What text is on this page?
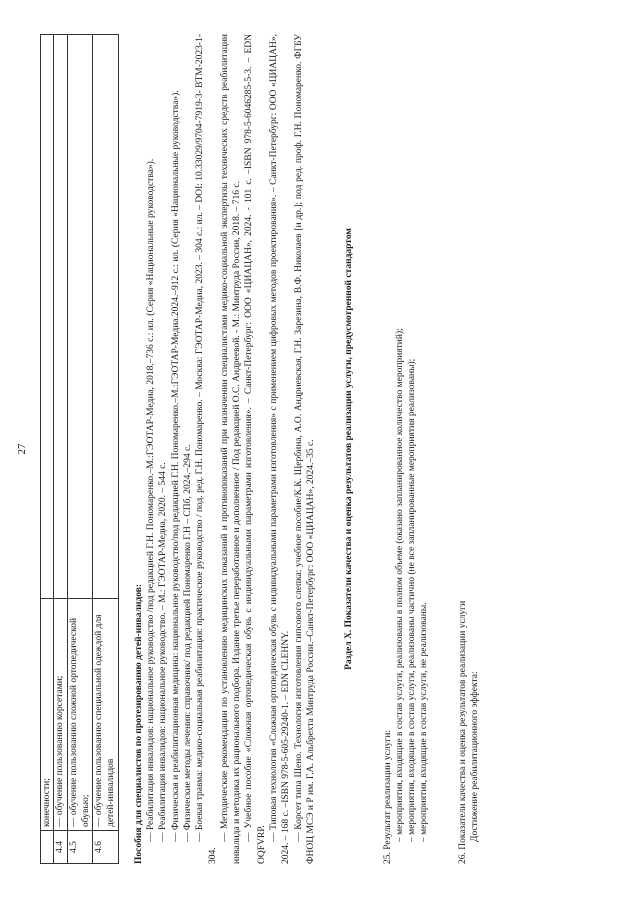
27
	конечности;	
4.4	— обучение пользованию корсетами;	
4.5	— обучение пользованию сложной ортопедической обувью;	
4.6	— обучение пользованию специальной одеждой для детей-инвалидов	Пособия для специалистов по протезированию детей-инвалидов: — Реабилитация инвалидов: национальное руководство /под редакцией Г.Н. Пономаренко.–М.:ГЭОТАР-Медиа, 2018.–736 с.: ил. (Серия «Национальные руководства»). — Реабилитация инвалидов: национальное руководство. – М.: ГЭОТАР-Медиа, 2020. – 544 с. — Физическая и реабилитационная медицина: национальное руководство/под редакцией Г.Н. Пономаренко.–М.:ГЭОТАР-Медиа.2024.–912 с.: ил. (Серия «Национальные руководства»). — Физические методы лечения: справочник/ под редакцией Пономаренко Г.Н – СПб, 2024.–294 с. — Боевая травма: медико-социальная реабилитация: практическое руководство / под. ред. Г.Н. Пономаренко. – Москва: ГЭОТАР-Медиа, 2023. – 304 с.: ил. – DOI: 10.33029/9704-7919-3- BTM-2023-1-304.
— Методические рекомендации по установлению медицинских показаний и противопоказаний при назначении специалистами медико-социальной экспертизы технических средств реабилитации инвалида и методика их рационального подбора. Издание третье переработанное и дополненное / Под редакцией О.С. Андреевой. - М.: Минтруда России, 2018. – 716 с. — Учебное пособие «Сложная ортопедическая обувь с индивидуальными параметрами изготовления». – Санкт-Петербург: ООО «ЦИАЦАН», 2024. - 101 с. –ISBN 978-5-6046285-5-3. – EDN OQFVRP.
— Типовая технология «Сложная ортопедическая обувь с индивидуальными параметрами изготовления» с применением цифровых методов проектирования». – Санкт-Петербург: ООО «ЦИАЦАН», 2024. – 168 с. –ISBN 978-5-605-29240-1. – EDN CLEHNY. — Корсет типа Шено. Технология изготовления гипсового слепка: учебное пособие/К.К. Щербина, А.О. Андриевская, Г.Н. Зарезина, В.Ф. Николаев [и др.]; под ред. проф. Г.Н. Пономаренко. ФГБУ ФНОЦ МСЭ и Р им. Г.А. Альбрехта Минтруда России.–Санкт-Петербург: ООО «ЦИАЦАН», 2024.–35 с.	Раздел X. Показатели качества и оценка результатов реализации услуги, предусмотренной стандартом
25. Результат реализации услуги: – мероприятия, входящие в состав услуги, реализованы в полном объеме (оказано запланированное количество мероприятий); – мероприятия, входящие в состав услуги, реализованы частично (не все запланированные мероприятия реализованы); – мероприятия, входящие в состав услуги, не реализованы.	26. Показатели качества и оценка результатов реализации услуги Достижение реабилитационного эффекта:
